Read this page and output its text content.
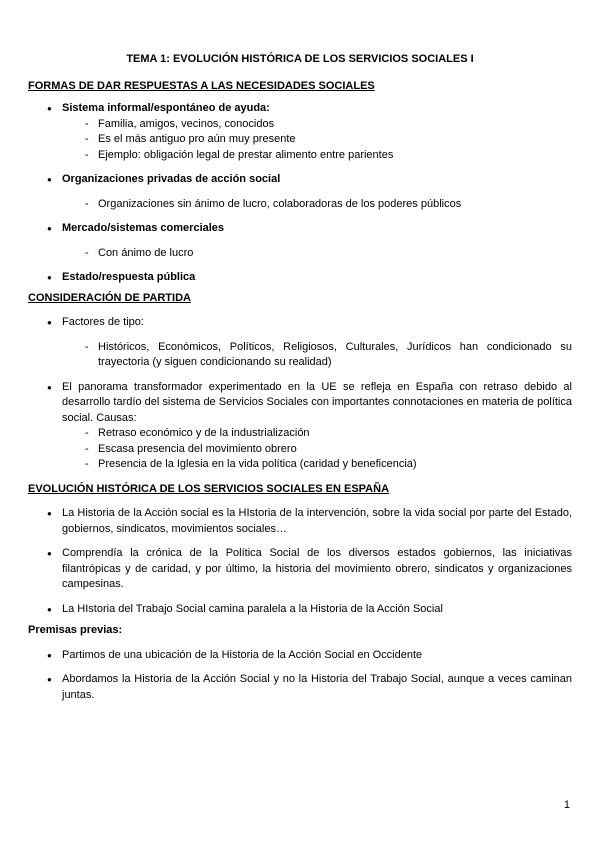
TEMA 1: EVOLUCIÓN HISTÓRICA DE LOS SERVICIOS SOCIALES I
FORMAS DE DAR RESPUESTAS A LAS NECESIDADES SOCIALES
● Sistema informal/espontáneo de ayuda:
- Familia, amigos, vecinos, conocidos
- Es el más antiguo pro aún muy presente
- Ejemplo: obligación legal de prestar alimento entre parientes
● Organizaciones privadas de acción social
- Organizaciones sin ánimo de lucro, colaboradoras de los poderes públicos
● Mercado/sistemas comerciales
- Con ánimo de lucro
● Estado/respuesta pública
CONSIDERACIÓN DE PARTIDA
● Factores de tipo:
- Históricos, Económicos, Políticos, Religiosos, Culturales, Jurídicos han condicionado su trayectoria (y siguen condicionando su realidad)
● El panorama transformador experimentado en la UE se refleja en España con retraso debido al desarrollo tardío del sistema de Servicios Sociales con importantes connotaciones en materia de política social. Causas:
- Retraso económico y de la industrialización
- Escasa presencia del movimiento obrero
- Presencia de la Iglesia en la vida política (caridad y beneficencia)
EVOLUCIÓN HISTÓRICA DE LOS SERVICIOS SOCIALES EN ESPAÑA
● La Historia de la Acción social es la HIstoria de la intervención, sobre la vida social por parte del Estado, gobiernos, sindicatos, movimientos sociales…
● Comprendía la crónica de la Política Social de los diversos estados gobiernos, las iniciativas filantrópicas y de caridad, y por último, la historia del movimiento obrero, sindicatos y organizaciones campesinas.
● La HIstoria del Trabajo Social camina paralela a la Historia de la Acción Social
Premisas previas:
● Partimos de una ubicación de la Historia de la Acción Social en Occidente
● Abordamos la Historia de la Acción Social y no la Historia del Trabajo Social, aunque a veces caminan juntas.
1
